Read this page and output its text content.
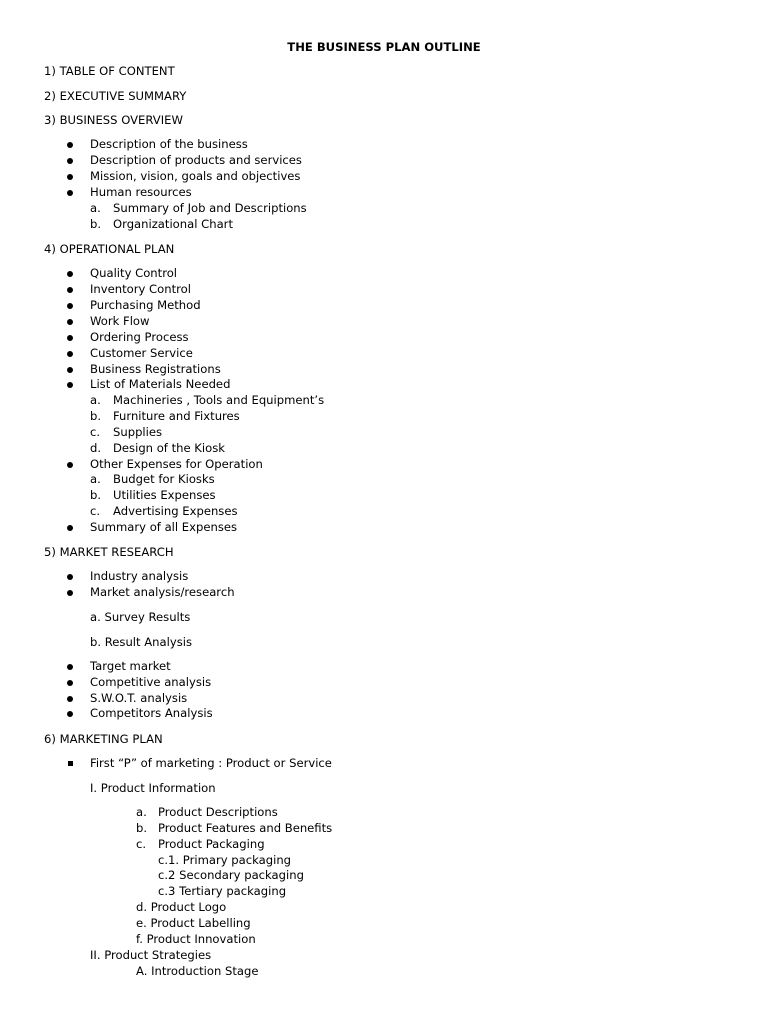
THE BUSINESS PLAN OUTLINE
1) TABLE OF CONTENT
2) EXECUTIVE SUMMARY
3) BUSINESS OVERVIEW
Description of the business
Description of products and services
Mission, vision, goals and objectives
Human resources
a. Summary of Job and Descriptions
b. Organizational Chart
4) OPERATIONAL PLAN
Quality Control
Inventory Control
Purchasing Method
Work Flow
Ordering Process
Customer Service
Business Registrations
List of Materials Needed
a. Machineries , Tools and Equipment’s
b. Furniture and Fixtures
c. Supplies
d. Design of the Kiosk
Other Expenses for Operation
a. Budget for Kiosks
b. Utilities Expenses
c. Advertising Expenses
Summary of all Expenses
5) MARKET RESEARCH
Industry analysis
Market analysis/research
a. Survey Results
b. Result Analysis
Target market
Competitive analysis
S.W.O.T. analysis
Competitors Analysis
6) MARKETING PLAN
First “P” of marketing : Product or Service
I. Product Information
a. Product Descriptions
b. Product Features and Benefits
c. Product Packaging
c.1. Primary packaging
c.2 Secondary packaging
c.3 Tertiary packaging
d. Product Logo
e. Product Labelling
f. Product Innovation
II. Product Strategies
A. Introduction Stage
